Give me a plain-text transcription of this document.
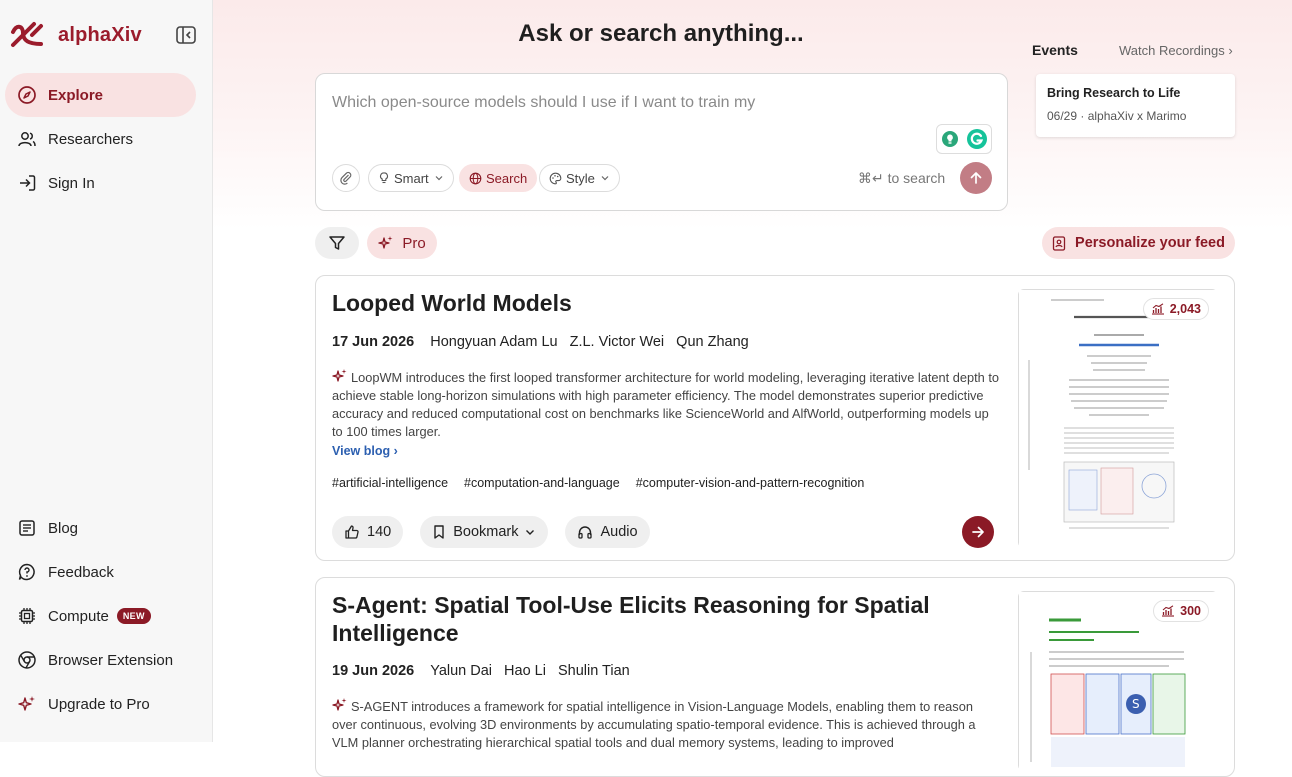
alphaXiv
Explore
Researchers
Sign In
Blog
Feedback
Compute	NEW
Browser Extension
Upgrade to Pro
Ask or search anything...
Which open-source models should I use if I want to train my
Smart	Search	Style	⌘↵ to search
Events	Watch Recordings ›
Bring Research to Life
06/29 · alphaXiv x Marimo
Pro	Personalize your feed
Looped World Models
17 Jun 2026 Hongyuan Adam Lu Z.L. Victor Wei Qun Zhang
LoopWM introduces the first looped transformer architecture for world modeling, leveraging iterative latent depth to achieve stable long-horizon simulations with high parameter efficiency. The model demonstrates superior predictive accuracy and reduced computational cost on benchmarks like ScienceWorld and AlfWorld, outperforming models up to 100 times larger.
View blog ›
#artificial-intelligence #computation-and-language #computer-vision-and-pattern-recognition
140	Bookmark	Audio
2,043
S-Agent: Spatial Tool-Use Elicits Reasoning for Spatial Intelligence
19 Jun 2026 Yalun Dai Hao Li Shulin Tian
S-AGENT introduces a framework for spatial intelligence in Vision-Language Models, enabling them to reason over continuous, evolving 3D environments by accumulating spatio-temporal evidence. This is achieved through a VLM planner orchestrating hierarchical spatial tools and dual memory systems, leading to improved
S
300
